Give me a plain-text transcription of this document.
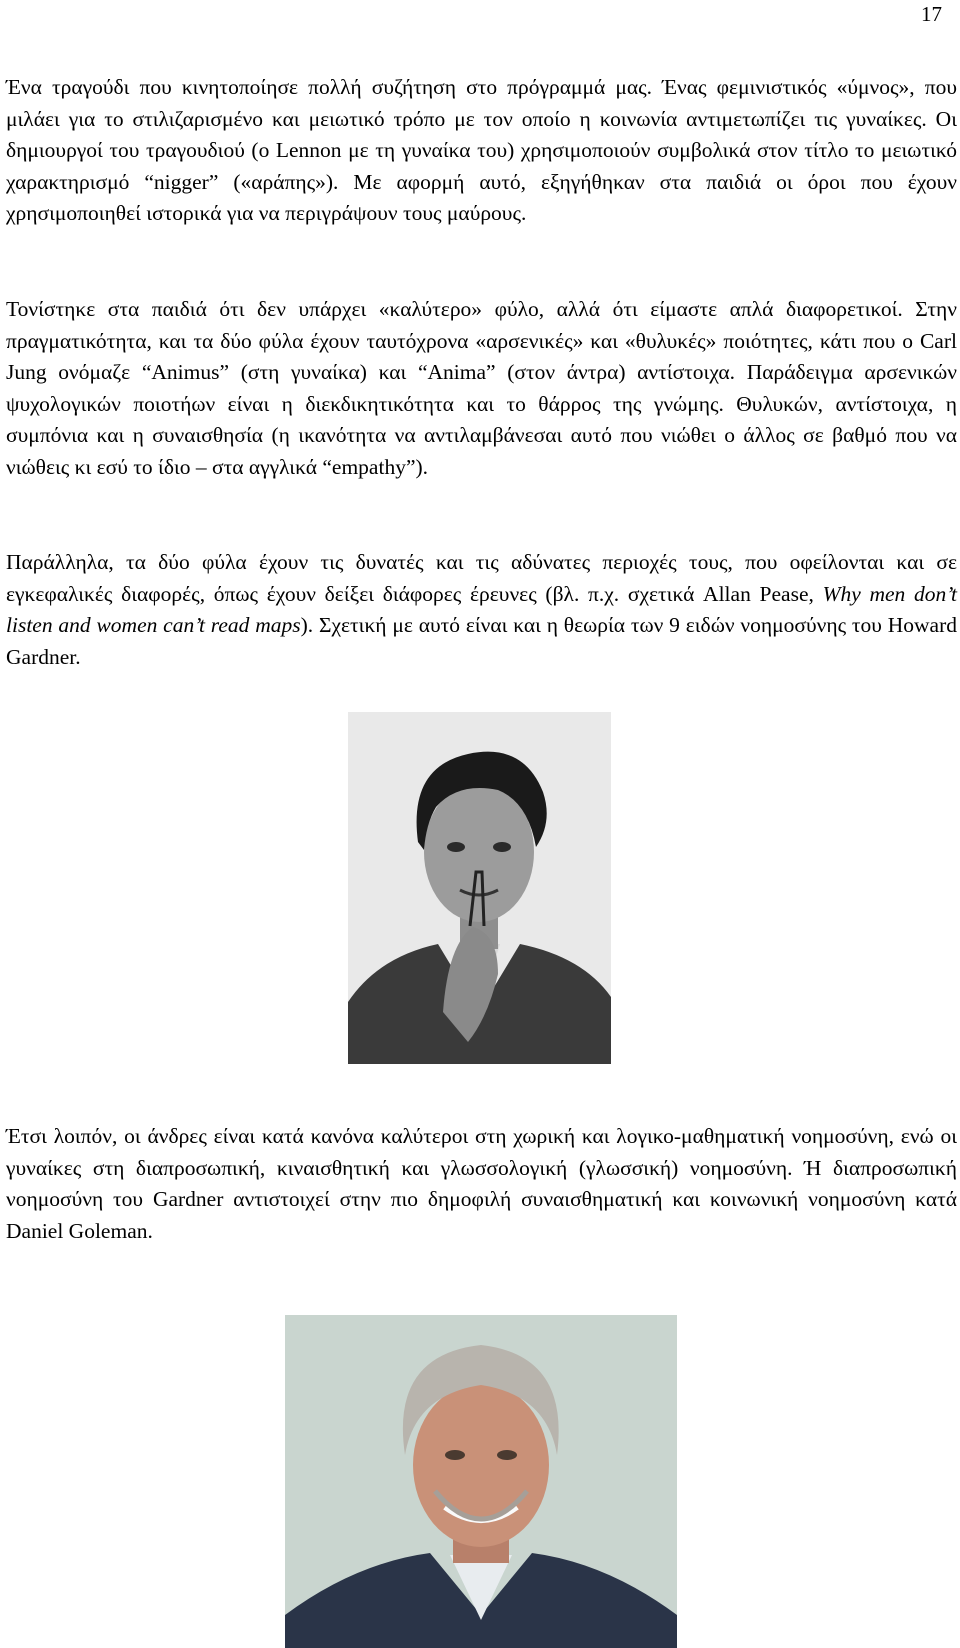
17

Ένα τραγούδι που κινητοποίησε πολλή συζήτηση στο πρόγραμμά μας. Ένας φεμινιστικός «ύμνος», που μιλάει για το στιλιζαρισμένο και μειωτικό τρόπο με τον οποίο η κοινωνία αντιμετωπίζει τις γυναίκες. Οι δημιουργοί του τραγουδιού (ο Lennon με τη γυναίκα του) χρησιμοποιούν συμβολικά στον τίτλο το μειωτικό χαρακτηρισμό “nigger” («αράπης»). Με αφορμή αυτό, εξηγήθηκαν στα παιδιά οι όροι που έχουν χρησιμοποιηθεί ιστορικά για να περιγράψουν τους μαύρους.

Τονίστηκε στα παιδιά ότι δεν υπάρχει «καλύτερο» φύλο, αλλά ότι είμαστε απλά διαφορετικοί. Στην πραγματικότητα, και τα δύο φύλα έχουν ταυτόχρονα «αρσενικές» και «θυλυκές» ποιότητες, κάτι που ο Carl Jung ονόμαζε “Animus” (στη γυναίκα) και “Anima” (στον άντρα) αντίστοιχα. Παράδειγμα αρσενικών ψυχολογικών ποιοτήων είναι η διεκδικητικότητα και το θάρρος της γνώμης. Θυλυκών, αντίστοιχα, η συμπόνια και η συναισθησία (η ικανότητα να αντιλαμβάνεσαι αυτό που νιώθει ο άλλος σε βαθμό που να νιώθεις κι εσύ το ίδιο – στα αγγλικά “empathy”).

Παράλληλα, τα δύο φύλα έχουν τις δυνατές και τις αδύνατες περιοχές τους, που οφείλονται και σε εγκεφαλικές διαφορές, όπως έχουν δείξει διάφορες έρευνες (βλ. π.χ. σχετικά Allan Pease, Why men don’t listen and women can’t read maps). Σχετική με αυτό είναι και η θεωρία των 9 ειδών νοημοσύνης του Howard Gardner.

Έτσι λοιπόν, οι άνδρες είναι κατά κανόνα καλύτεροι στη χωρική και λογικο-μαθηματική νοημοσύνη, ενώ οι γυναίκες στη διαπροσωπική, κιναισθητική και γλωσσολογική (γλωσσική) νοημοσύνη. Ή διαπροσωπική νοημοσύνη του Gardner αντιστοιχεί στην πιο δημοφιλή συναισθηματική και κοινωνική νοημοσύνη κατά Daniel Goleman.
